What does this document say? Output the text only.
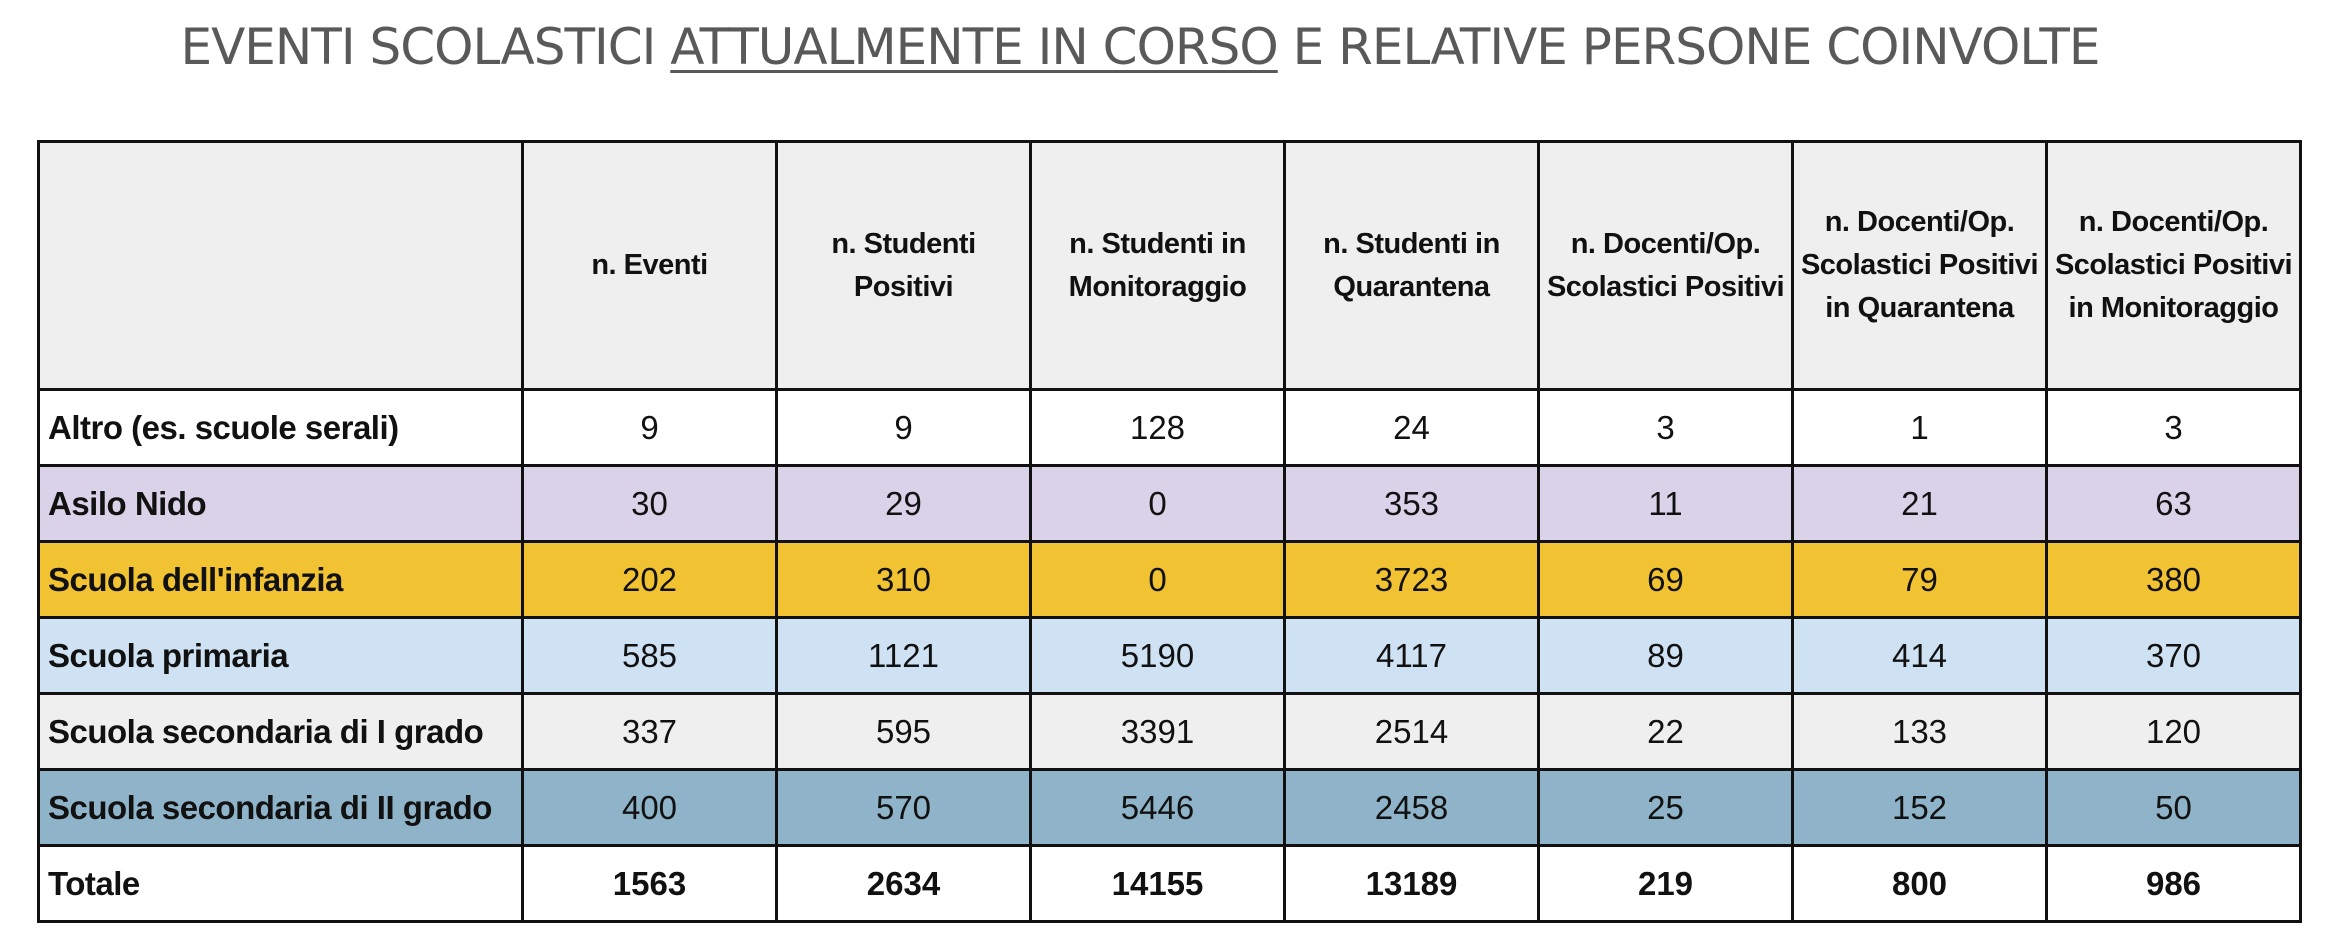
EVENTI SCOLASTICI ATTUALMENTE IN CORSO E RELATIVE PERSONE COINVOLTE
	n. Eventi	n. Studenti Positivi	n. Studenti in Monitoraggio	n. Studenti in Quarantena	n. Docenti/Op. Scolastici Positivi	n. Docenti/Op. Scolastici Positivi in Quarantena	n. Docenti/Op. Scolastici Positivi in Monitoraggio
Altro (es. scuole serali)	9	9	128	24	3	1	3
Asilo Nido	30	29	0	353	11	21	63
Scuola dell'infanzia	202	310	0	3723	69	79	380
Scuola primaria	585	1121	5190	4117	89	414	370
Scuola secondaria di I grado	337	595	3391	2514	22	133	120
Scuola secondaria di II grado	400	570	5446	2458	25	152	50
Totale	1563	2634	14155	13189	219	800	986
